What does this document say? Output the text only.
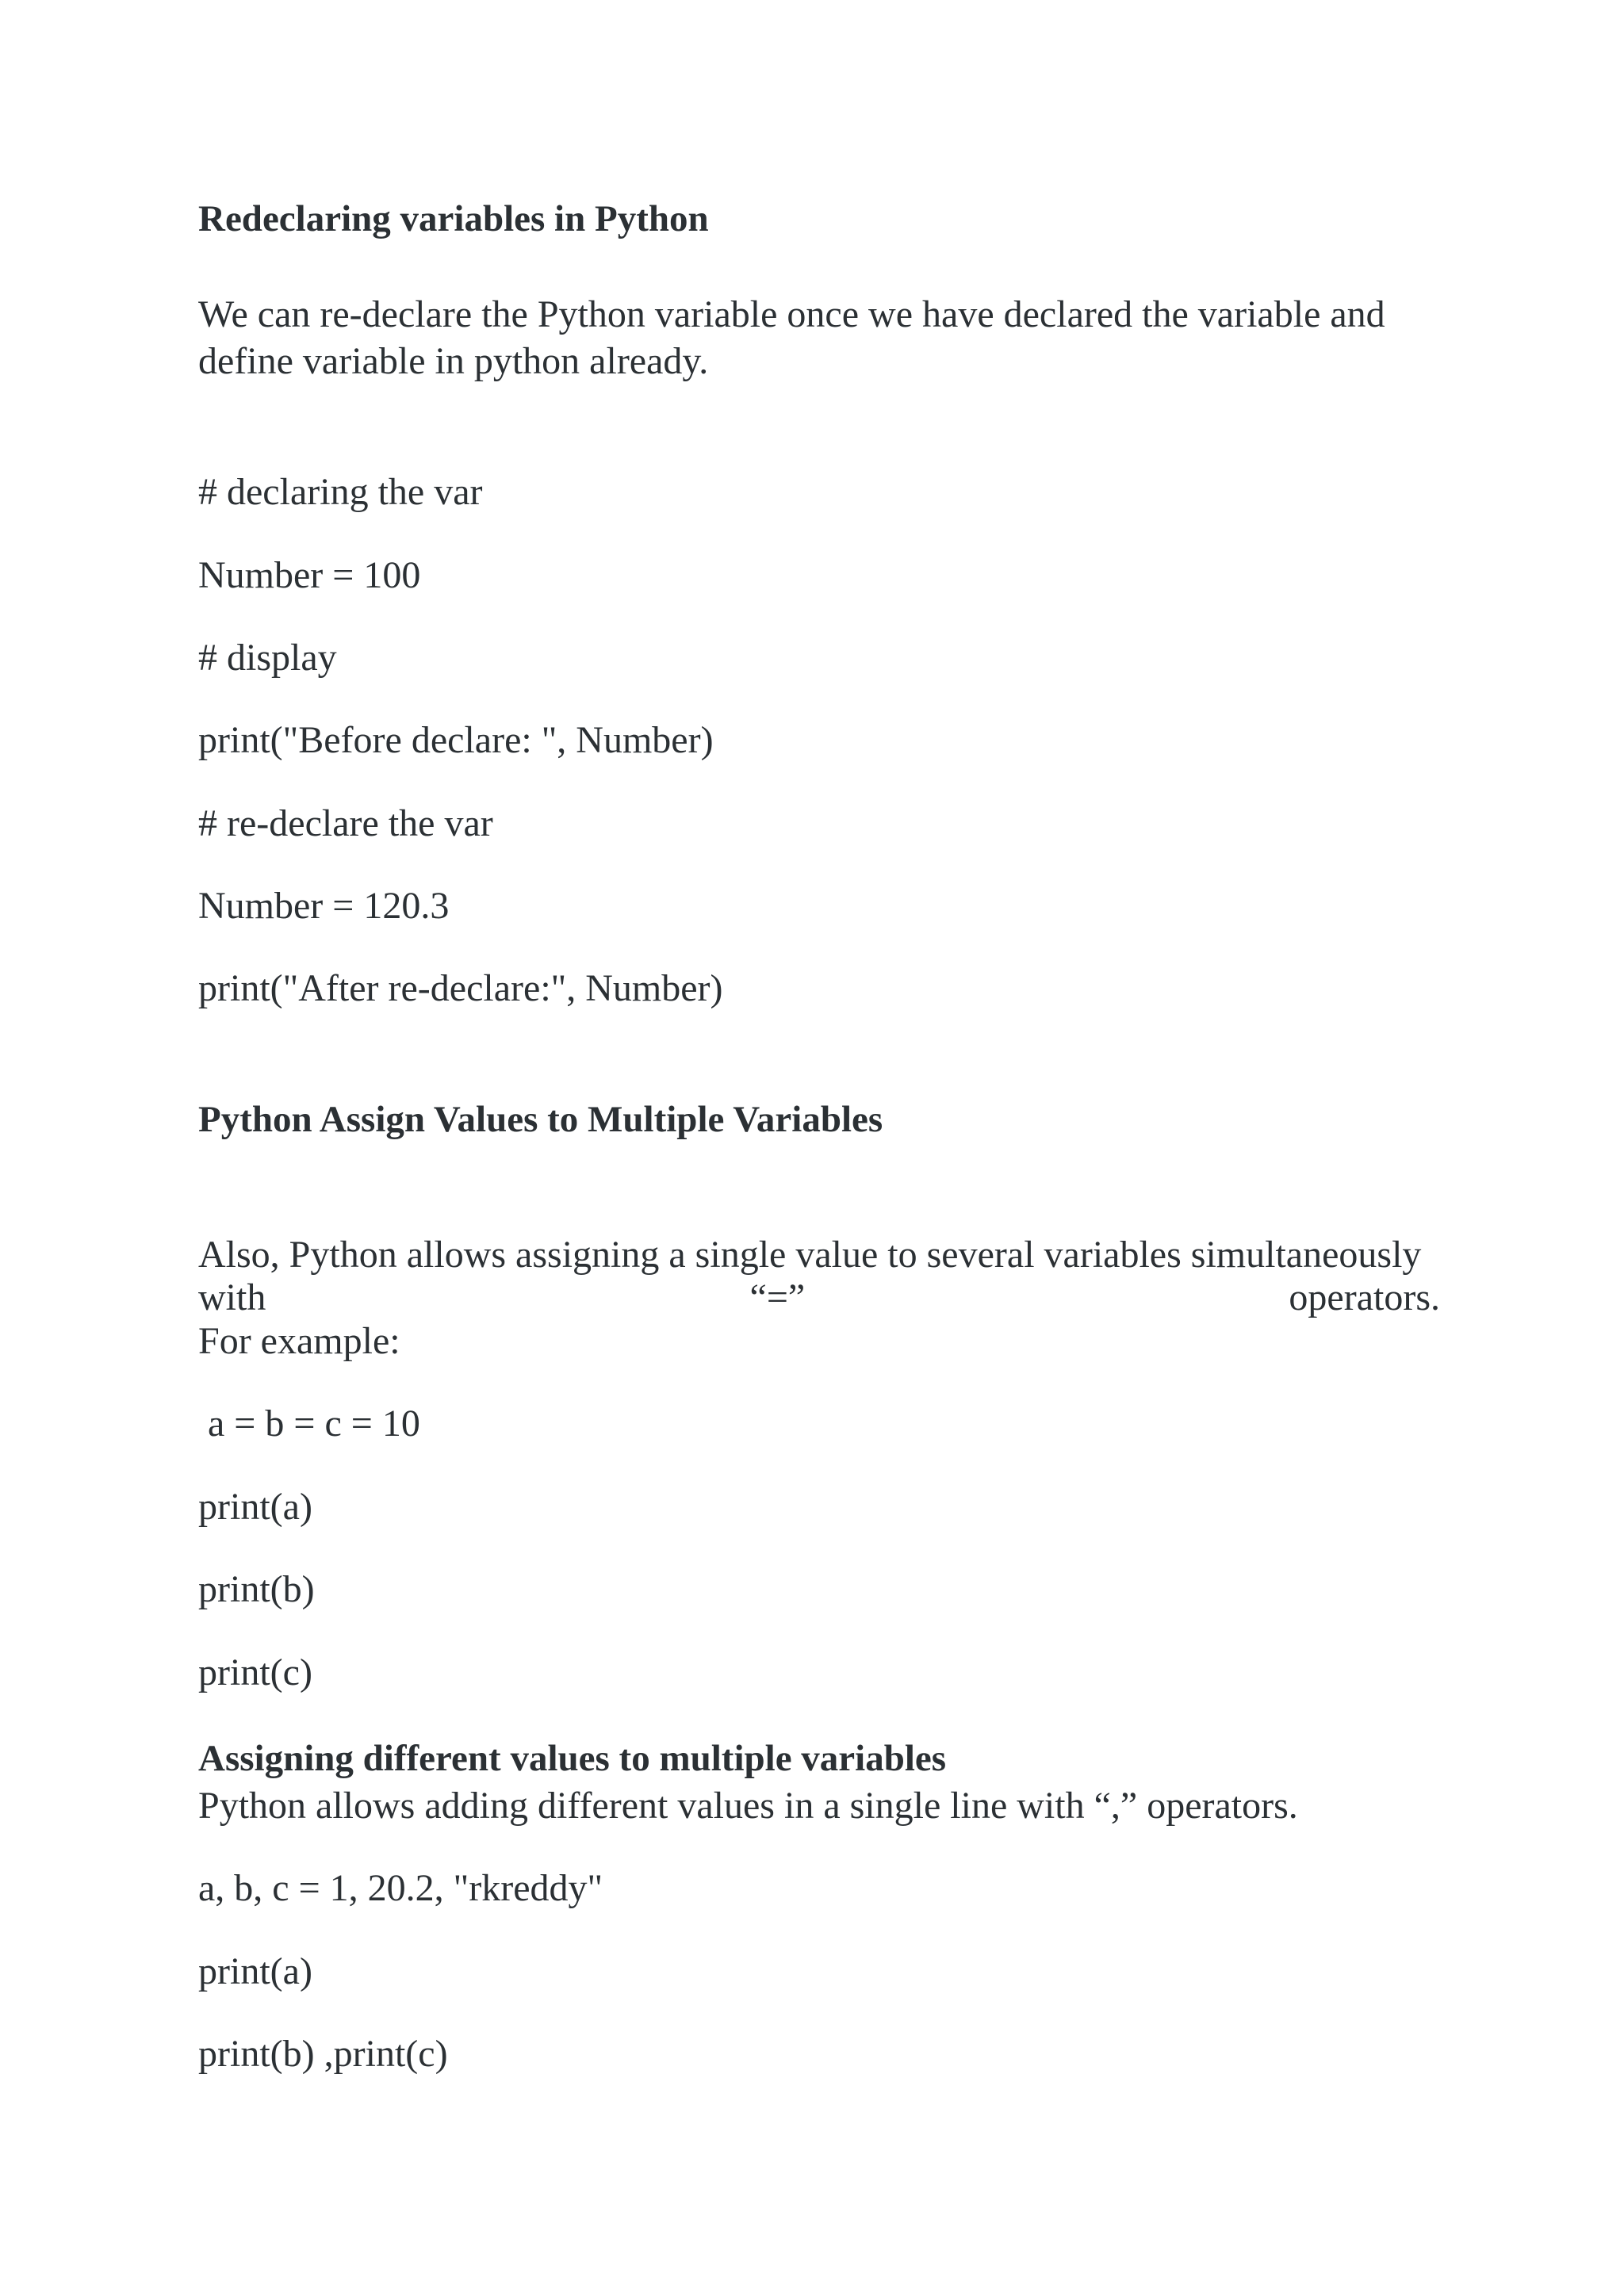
Redeclaring variables in Python

We can re-declare the Python variable once we have declared the variable and

define variable in python already.

# declaring the var

Number = 100

# display

print("Before declare: ", Number)

# re-declare the var

Number = 120.3

print("After re-declare:", Number)

Python Assign Values to Multiple Variables

Also, Python allows assigning a single value to several variables simultaneously

with	“=”	operators.

For example:

a = b = c = 10

print(a)

print(b)

print(c)

Assigning different values to multiple variables

Python allows adding different values in a single line with “,” operators.

a, b, c = 1, 20.2, "rkreddy"

print(a)

print(b) ,print(c)
